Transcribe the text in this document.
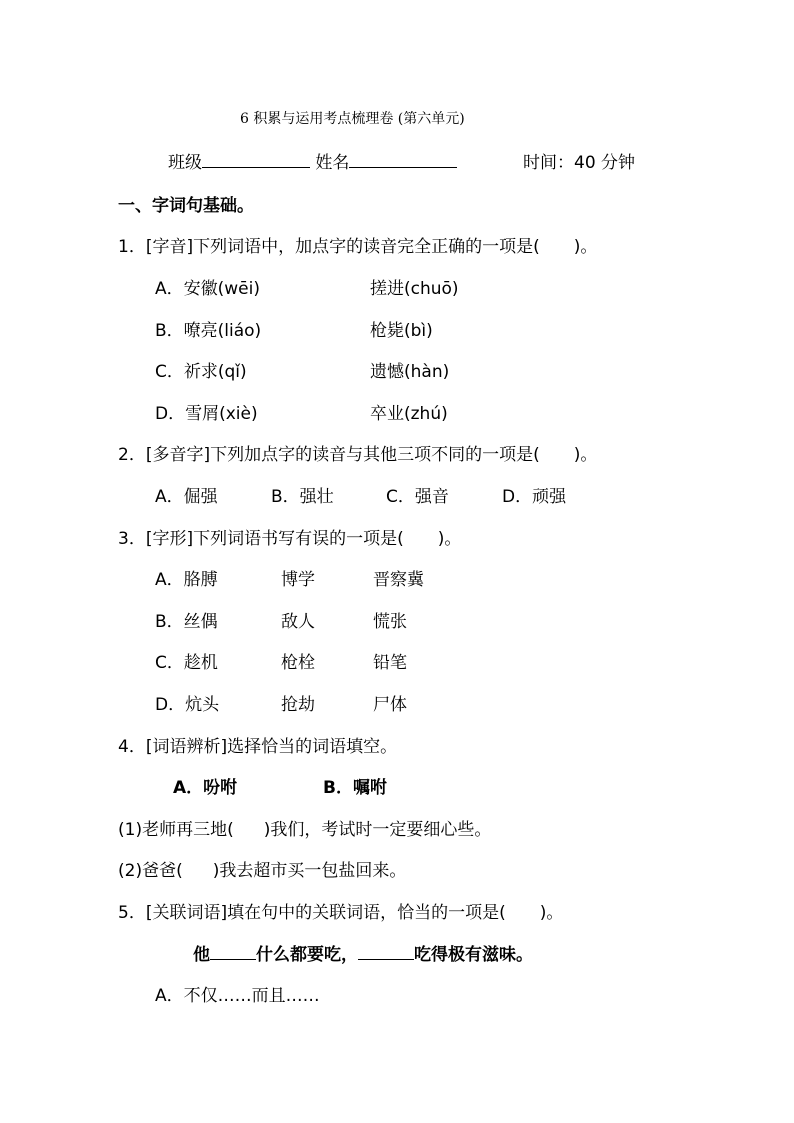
6 积累与运用考点梳理卷 (第六单元)
班级	姓名	时间：40 分钟
一、字词句基础。
1．[字音]下列词语中，加点字的读音完全正确的一项是(　　)。
A．安徽(wēi)	搓进(chuō)
B．嘹亮(liáo)	枪毙(bì)
C．祈求(qǐ)	遗憾(hàn)
D．雪屑(xiè)	卒业(zhú)
2．[多音字]下列加点字的读音与其他三项不同的一项是(　　)。
A．倔强	B．强壮	C．强音	D．顽强
3．[字形]下列词语书写有误的一项是(　　)。
A．胳膊	博学	晋察冀
B．丝偶	敌人	慌张
C．趁机	枪栓	铅笔
D．炕头	抢劫	尸体
4．[词语辨析]选择恰当的词语填空。
A．吩咐	B．嘱咐
(1)老师再三地( )我们，考试时一定要细心些。
(2)爸爸( )我去超市买一包盐回来。
5．[关联词语]填在句中的关联词语，恰当的一项是(　　)。
他	什么都要吃，	吃得极有滋味。
A．不仅……而且……
